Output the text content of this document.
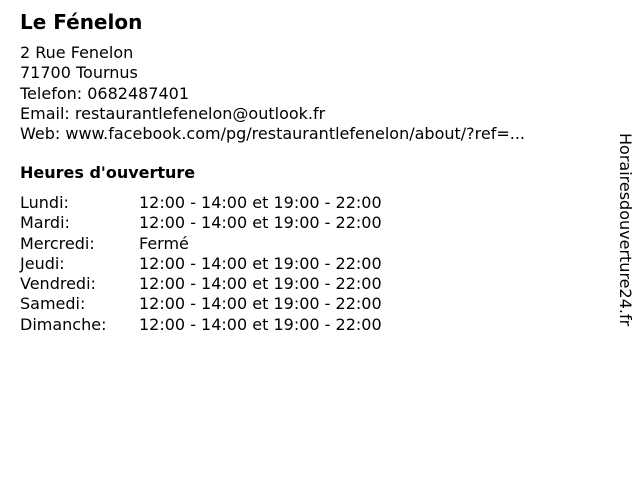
Le Fénelon
2 Rue Fenelon
71700 Tournus
Telefon: 0682487401
Email: restaurantlefenelon@outlook.fr
Web: www.facebook.com/pg/restaurantlefenelon/about/?ref=...
Heures d'ouverture
Lundi:	12:00 - 14:00 et 19:00 - 22:00
Mardi:	12:00 - 14:00 et 19:00 - 22:00
Mercredi:	Fermé
Jeudi:	12:00 - 14:00 et 19:00 - 22:00
Vendredi:	12:00 - 14:00 et 19:00 - 22:00
Samedi:	12:00 - 14:00 et 19:00 - 22:00
Dimanche: 12:00 - 14:00 et 19:00 - 22:00	Horairesdouverture24.fr
